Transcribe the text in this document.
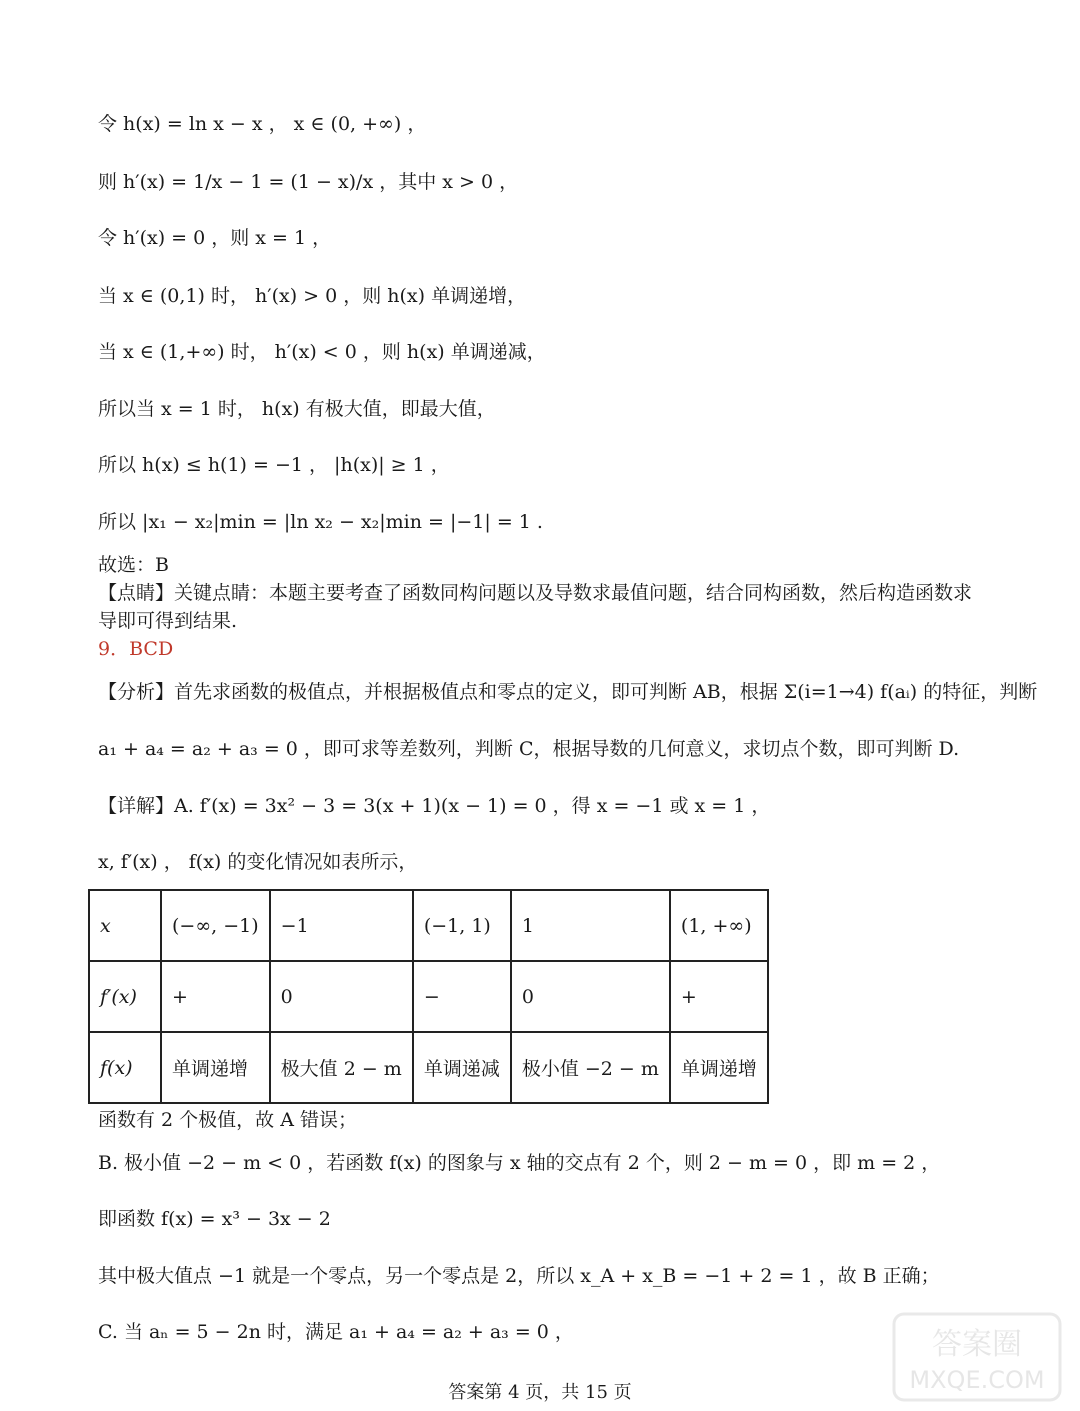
令 h(x) = ln x − x ， x ∈ (0, +∞) ，
则 h′(x) = 1/x − 1 = (1 − x)/x ，其中 x > 0 ，
令 h′(x) = 0 ，则 x = 1 ，
当 x ∈ (0,1) 时， h′(x) > 0 ，则 h(x) 单调递增，
当 x ∈ (1,+∞) 时， h′(x) < 0 ，则 h(x) 单调递减，
所以当 x = 1 时， h(x) 有极大值，即最大值，
所以 h(x) ≤ h(1) = −1 ， |h(x)| ≥ 1 ，
所以 |x₁ − x₂|min = |ln x₂ − x₂|min = |−1| = 1 .
故选：B
【点睛】关键点睛：本题主要考查了函数同构问题以及导数求最值问题，结合同构函数，然后构造函数求
导即可得到结果.
9．BCD
【分析】首先求函数的极值点，并根据极值点和零点的定义，即可判断 AB，根据 Σ(i=1→4) f(aᵢ) 的特征，判断
a₁ + a₄ = a₂ + a₃ = 0 ，即可求等差数列，判断 C，根据导数的几何意义，求切点个数，即可判断 D.
【详解】A. f′(x) = 3x² − 3 = 3(x + 1)(x − 1) = 0 ，得 x = −1 或 x = 1 ，
x, f′(x) ， f(x) 的变化情况如表所示，
函数有 2 个极值，故 A 错误；
B. 极小值 −2 − m < 0 ，若函数 f(x) 的图象与 x 轴的交点有 2 个，则 2 − m = 0 ，即 m = 2 ，
即函数 f(x) = x³ − 3x − 2
其中极大值点 −1 就是一个零点，另一个零点是 2，所以 x_A + x_B = −1 + 2 = 1 ，故 B 正确；
C. 当 aₙ = 5 − 2n 时，满足 a₁ + a₄ = a₂ + a₃ = 0 ，
x	(−∞, −1)	−1	(−1, 1)	1	(1, +∞)
f′(x)	+	0	−	0	+
f(x)	单调递增	极大值 2 − m	单调递减	极小值 −2 − m	单调递增
答案第 4 页，共 15 页
答案圈
MXQE.COM
